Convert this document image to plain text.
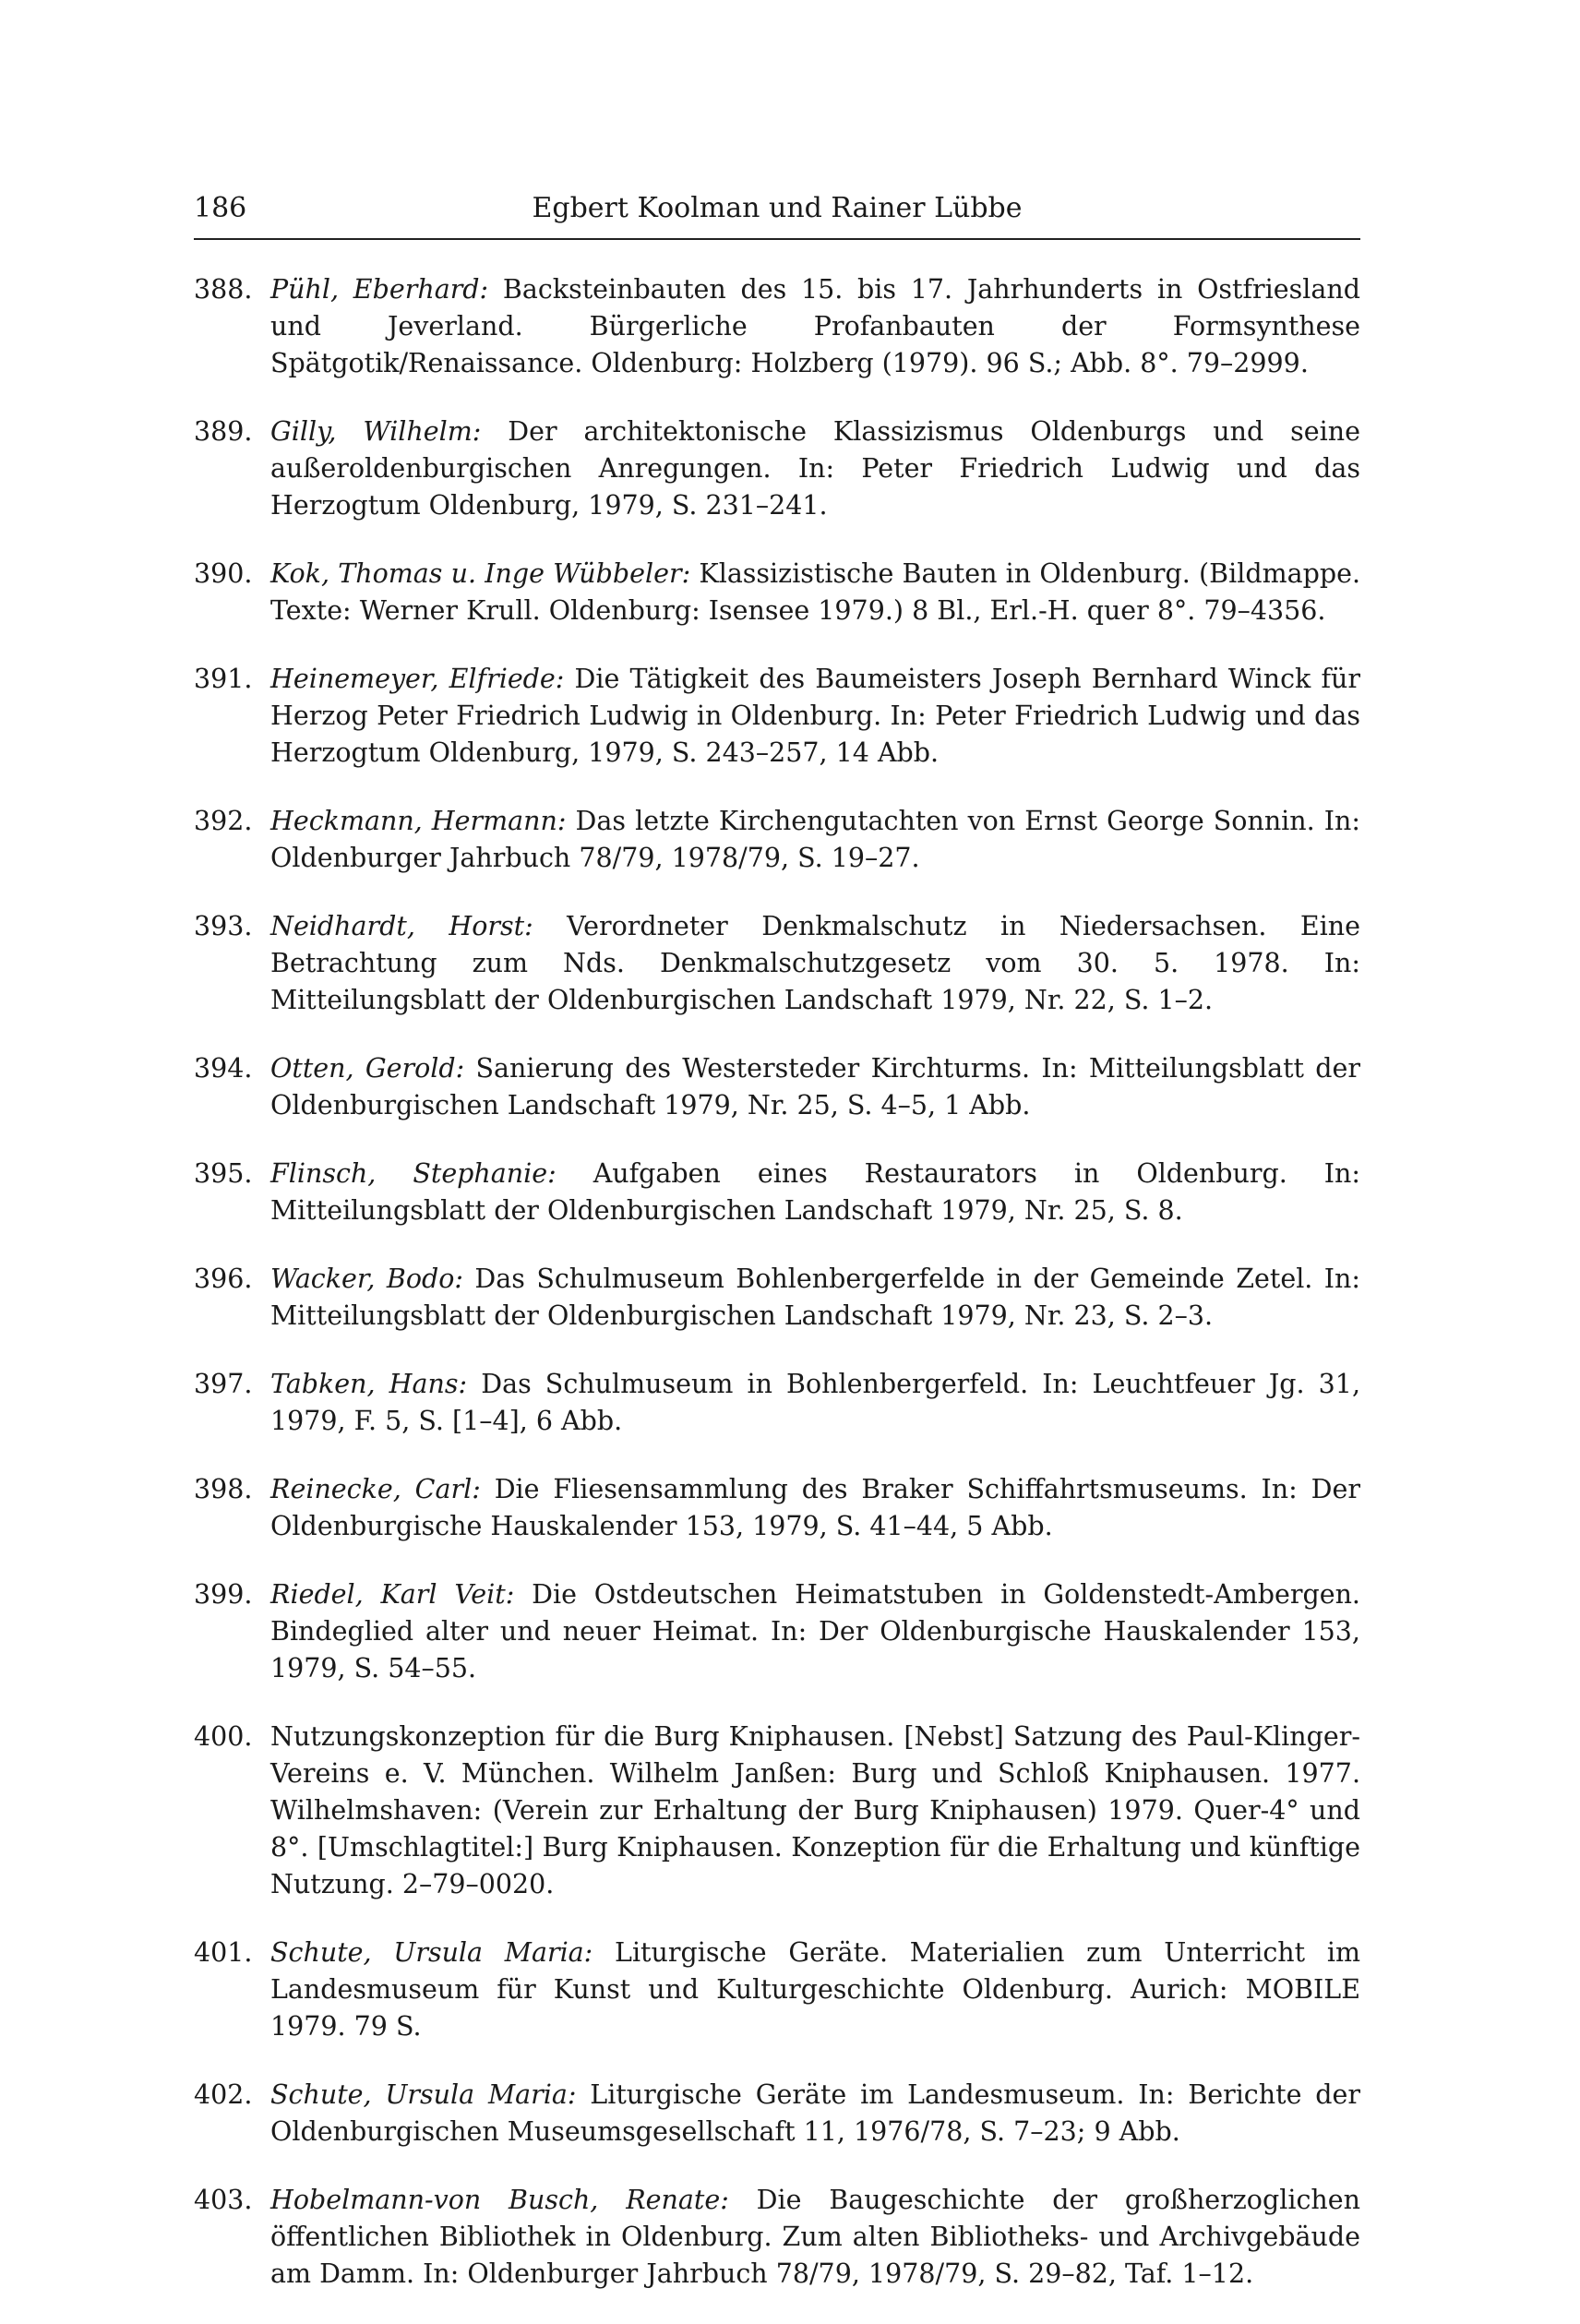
186	Egbert Koolman und Rainer Lübbe
388. Pühl, Eberhard: Backsteinbauten des 15. bis 17. Jahrhunderts in Ostfriesland und Jeverland. Bürgerliche Profanbauten der Formsynthese Spätgotik/Renaissance. Oldenburg: Holzberg (1979). 96 S.; Abb. 8°. 79–2999.
389. Gilly, Wilhelm: Der architektonische Klassizismus Oldenburgs und seine außeroldenburgischen Anregungen. In: Peter Friedrich Ludwig und das Herzogtum Oldenburg, 1979, S. 231–241.
390. Kok, Thomas u. Inge Wübbeler: Klassizistische Bauten in Oldenburg. (Bildmappe. Texte: Werner Krull. Oldenburg: Isensee 1979.) 8 Bl., Erl.-H. quer 8°. 79–4356.
391. Heinemeyer, Elfriede: Die Tätigkeit des Baumeisters Joseph Bernhard Winck für Herzog Peter Friedrich Ludwig in Oldenburg. In: Peter Friedrich Ludwig und das Herzogtum Oldenburg, 1979, S. 243–257, 14 Abb.
392. Heckmann, Hermann: Das letzte Kirchengutachten von Ernst George Sonnin. In: Oldenburger Jahrbuch 78/79, 1978/79, S. 19–27.
393. Neidhardt, Horst: Verordneter Denkmalschutz in Niedersachsen. Eine Betrachtung zum Nds. Denkmalschutzgesetz vom 30. 5. 1978. In: Mitteilungsblatt der Oldenburgischen Landschaft 1979, Nr. 22, S. 1–2.
394. Otten, Gerold: Sanierung des Westersteder Kirchturms. In: Mitteilungsblatt der Oldenburgischen Landschaft 1979, Nr. 25, S. 4–5, 1 Abb.
395. Flinsch, Stephanie: Aufgaben eines Restaurators in Oldenburg. In: Mitteilungsblatt der Oldenburgischen Landschaft 1979, Nr. 25, S. 8.
396. Wacker, Bodo: Das Schulmuseum Bohlenbergerfelde in der Gemeinde Zetel. In: Mitteilungsblatt der Oldenburgischen Landschaft 1979, Nr. 23, S. 2–3.
397. Tabken, Hans: Das Schulmuseum in Bohlenbergerfeld. In: Leuchtfeuer Jg. 31, 1979, F. 5, S. [1–4], 6 Abb.
398. Reinecke, Carl: Die Fliesensammlung des Braker Schiffahrtsmuseums. In: Der Oldenburgische Hauskalender 153, 1979, S. 41–44, 5 Abb.
399. Riedel, Karl Veit: Die Ostdeutschen Heimatstuben in Goldenstedt-Ambergen. Bindeglied alter und neuer Heimat. In: Der Oldenburgische Hauskalender 153, 1979, S. 54–55.
400. Nutzungskonzeption für die Burg Kniphausen. [Nebst] Satzung des Paul-Klinger-Vereins e. V. München. Wilhelm Janßen: Burg und Schloß Kniphausen. 1977. Wilhelmshaven: (Verein zur Erhaltung der Burg Kniphausen) 1979. Quer-4° und 8°. [Umschlagtitel:] Burg Kniphausen. Konzeption für die Erhaltung und künftige Nutzung. 2–79–0020.
401. Schute, Ursula Maria: Liturgische Geräte. Materialien zum Unterricht im Landesmuseum für Kunst und Kulturgeschichte Oldenburg. Aurich: MOBILE 1979. 79 S.
402. Schute, Ursula Maria: Liturgische Geräte im Landesmuseum. In: Berichte der Oldenburgischen Museumsgesellschaft 11, 1976/78, S. 7–23; 9 Abb.
403. Hobelmann-von Busch, Renate: Die Baugeschichte der großherzoglichen öffentlichen Bibliothek in Oldenburg. Zum alten Bibliotheks- und Archivgebäude am Damm. In: Oldenburger Jahrbuch 78/79, 1978/79, S. 29–82, Taf. 1–12.
